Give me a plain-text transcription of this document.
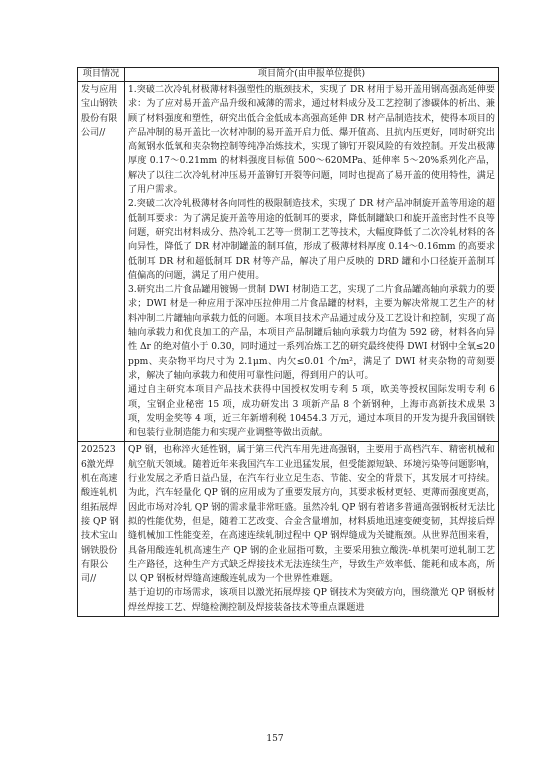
项目情况	项目简介(由申报单位提供)
发与应用宝山钢铁股份有限公司//	1.突破二次冷轧材极薄材料强塑性的瓶颈技术，实现了 DR 材用于易开盖用钢高强高延伸要求：为了应对易开盖产品升级和减薄的需求，通过材料成分及工艺控制了渗碳体的析出、兼顾了材料强度和塑性，研究出低合金低成本高强高延伸 DR 材产品制造技术，使得本项目的产品冲制的易开盖比一次材冲制的易开盖开启力低、爆开值高、且抗内压更好，同时研究出高氮钢水低氧和夹杂物控制等纯净冶炼技术，实现了铆钉开裂风险的有效控制。开发出极薄厚度 0.17～0.21mm 的材料强度目标值 500～620MPa、延伸率 5～20%系列化产品，解决了以往二次冷轧材冲压易开盖铆钉开裂等问题，同时也提高了易开盖的使用特性，满足了用户需求。

2.突破二次冷轧极薄材各向同性的极限制造技术，实现了 DR 材产品冲制旋开盖等用途的超低制耳要求：为了满足旋开盖等用途的低制耳的要求，降低制罐缺口和旋开盖密封性不良等问题，研究出材料成分、热冷轧工艺等一贯制工艺等技术，大幅度降低了二次冷轧材料的各向异性，降低了 DR 材冲制罐盖的制耳值，形成了极薄材料厚度 0.14～0.16mm 的高要求低制耳 DR 材和超低制耳 DR 材等产品，解决了用户反映的 DRD 罐和小口径旋开盖制耳值偏高的问题，满足了用户使用。

3.研究出二片食品罐用镀锡一贯制 DWI 材制造工艺，实现了二片食品罐高轴向承载力的要求；DWI 材是一种应用于深冲压拉伸用二片食品罐的材料，主要为解决常规工艺生产的材料冲制二片罐轴向承载力低的问题。本项目技术产品通过成分及工艺设计和控制，实现了高轴向承载力和优良加工的产品，本项目产品制罐后轴向承载力均值为 592 磅，材料各向异性 Δr 的绝对值小于 0.30，同时通过一系列冶炼工艺的研究最终使得 DWI 材钢中全氧≤20ppm、夹杂物平均尺寸为 2.1μm、内欠≤0.01 个/m²，满足了 DWI 材夹杂物的苛刻要求，解决了轴向承载力和使用可靠性问题，得到用户的认可。

通过自主研究本项目产品技术获得中国授权发明专利 5 项，欧美等授权国际发明专利 6 项，宝钢企业秘密 15 项，成功研发出 3 项新产品 8 个新钢种，上海市高新技术成果 3 项，发明金奖等 4 项，近三年新增利税 10454.3 万元，通过本项目的开发为提升我国钢铁和包装行业制造能力和实现产业调整等做出贡献。

2025236激光焊机在高速酸连轧机组拓展焊接 QP 钢技术宝山钢铁股份有限公司//	QP 钢，也称淬火延性钢，属于第三代汽车用先进高强钢，主要用于高档汽车、精密机械和航空航天领域。随着近年来我国汽车工业迅猛发展，但受能源短缺、环境污染等问题影响，行业发展之矛盾日益凸显，在汽车行业立足生态、节能、安全的背景下，其发展才可持续。为此，汽车轻量化 QP 钢的应用成为了重要发展方向，其要求板材更轻、更薄而强度更高，因此市场对冷轧 QP 钢的需求量非常旺盛。虽然冷轧 QP 钢有着诸多普通高强钢板材无法比拟的性能优势，但是，随着工艺改变、合金含量增加，材料质地迅速变硬变韧，其焊接后焊缝机械加工性能变差，在高速连续轧制过程中 QP 钢焊缝成为关键瓶颈。从世界范围来看，具备用酸连轧机高速生产 QP 钢的企业屈指可数，主要采用独立酸洗-单机架可逆轧制工艺生产路径，这种生产方式缺乏焊接技术无法连续生产，导致生产效率低、能耗和成本高，所以 QP 钢板材焊缝高速酸连轧成为一个世界性难题。

基于迫切的市场需求，该项目以激光拓展焊接 QP 钢技术为突破方向，围绕激光 QP 钢板材焊丝焊接工艺、焊缝检测控制及焊接装备技术等重点课题进

157
